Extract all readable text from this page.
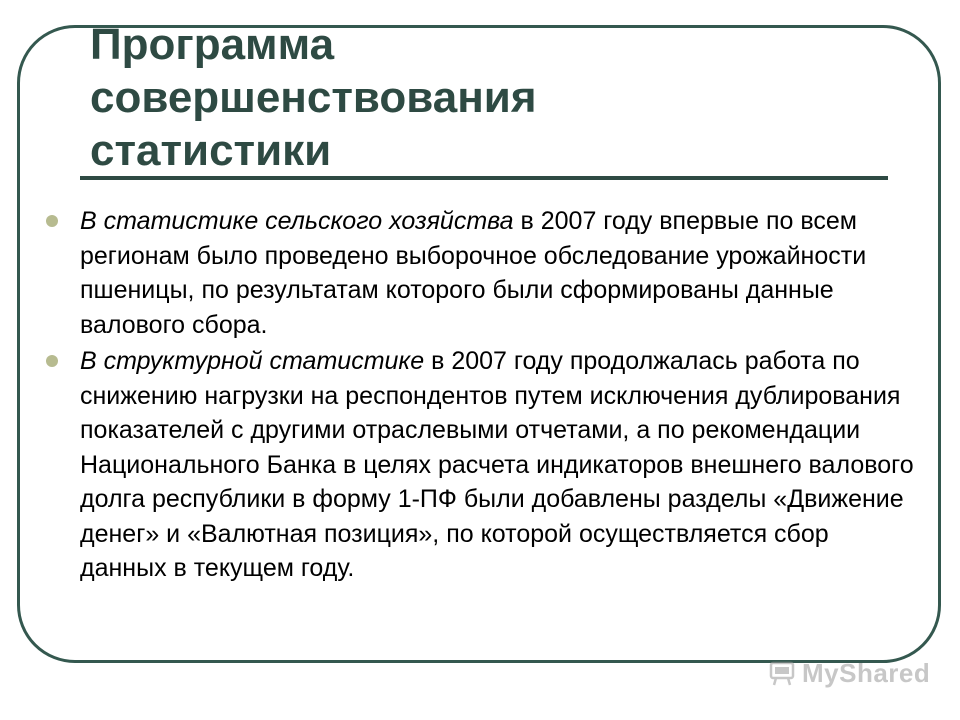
Программа
совершенствования
статистики
В статистике сельского хозяйства в 2007 году впервые по всем регионам было проведено выборочное обследование урожайности пшеницы, по результатам которого были сформированы данные валового сбора.
В структурной статистике в 2007 году продолжалась работа по снижению нагрузки на респондентов путем исключения дублирования показателей с другими отраслевыми отчетами, а по рекомендации Национального Банка в целях расчета индикаторов внешнего валового долга республики в форму 1-ПФ были добавлены разделы «Движение денег» и «Валютная позиция», по которой осуществляется сбор данных в текущем году.
MyShared
